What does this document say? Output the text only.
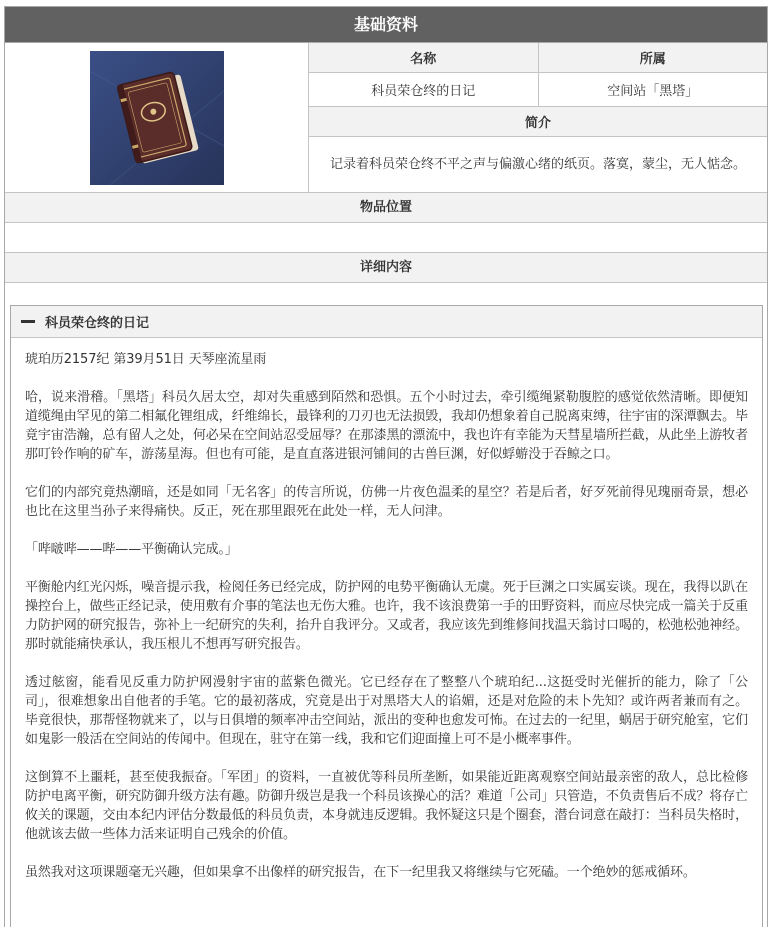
基础资料
名称	所属
科员荣仓终的日记	空间站「黑塔」
简介
记录着科员荣仓终不平之声与偏激心绪的纸页。落寞，蒙尘，无人惦念。
物品位置
详细内容
科员荣仓终的日记

琥珀历2157纪 第39月51日 天琴座流星雨

哈，说来滑稽。「黑塔」科员久居太空，却对失重感到陌然和恐惧。五个小时过去，牵引缆绳紧勒腹腔的感觉依然清晰。即便知道缆绳由罕见的第二相氟化锂组成，纤维绵长，最锋利的刀刃也无法损毁，我却仍想象着自己脱离束缚，往宇宙的深潭飘去。毕竟宇宙浩瀚，总有留人之处，何必呆在空间站忍受屈辱？在那漆黑的漂流中，我也许有幸能为天彗星墙所拦截，从此坐上游牧者那叮铃作响的矿车，游荡星海。但也有可能，是直直落进银河铺间的古兽巨渊，好似蜉蝣没于吞鲸之口。

它们的内部究竟热潮暗，还是如同「无名客」的传言所说，仿佛一片夜色温柔的星空？若是后者，好歹死前得见瑰丽奇景，想必也比在这里当孙子来得痛快。反正，死在那里跟死在此处一样，无人问津。

「哔啵哔——哔——平衡确认完成。」

平衡舱内红光闪烁，噪音提示我，检阅任务已经完成，防护网的电势平衡确认无虞。死于巨渊之口实属妄谈。现在，我得以趴在操控台上，做些正经记录，使用敷有介事的笔法也无伤大雅。也许，我不该浪费第一手的田野资料，而应尽快完成一篇关于反重力防护网的研究报告，弥补上一纪研究的失利，抬升自我评分。又或者，我应该先到维修间找温天翁讨口喝的，松弛松弛神经。那时就能痛快承认，我压根儿不想再写研究报告。

透过舷窗，能看见反重力防护网漫射宇宙的蓝紫色微光。它已经存在了整整八个琥珀纪...这挺受时光催折的能力，除了「公司」，很难想象出自他者的手笔。它的最初落成，究竟是出于对黑塔大人的谄媚，还是对危险的未卜先知？或许两者兼而有之。毕竟很快，那帮怪物就来了，以与日俱增的频率冲击空间站，派出的变种也愈发可怖。在过去的一纪里，蜗居于研究舱室，它们如鬼影一般活在空间站的传闻中。但现在，驻守在第一线，我和它们迎面撞上可不是小概率事件。

这倒算不上噩耗，甚至使我振奋。「军团」的资料，一直被优等科员所垄断，如果能近距离观察空间站最亲密的敌人，总比检修防护电离平衡，研究防御升级方法有趣。防御升级岂是我一个科员该操心的活？难道「公司」只管造，不负责售后不成？将存亡攸关的课题，交由本纪内评估分数最低的科员负责，本身就违反逻辑。我怀疑这只是个圈套，潜台词意在敲打：当科员失格时，他就该去做一些体力活来证明自己残余的价值。

虽然我对这项课题毫无兴趣，但如果拿不出像样的研究报告，在下一纪里我又将继续与它死磕。一个绝妙的惩戒循环。
